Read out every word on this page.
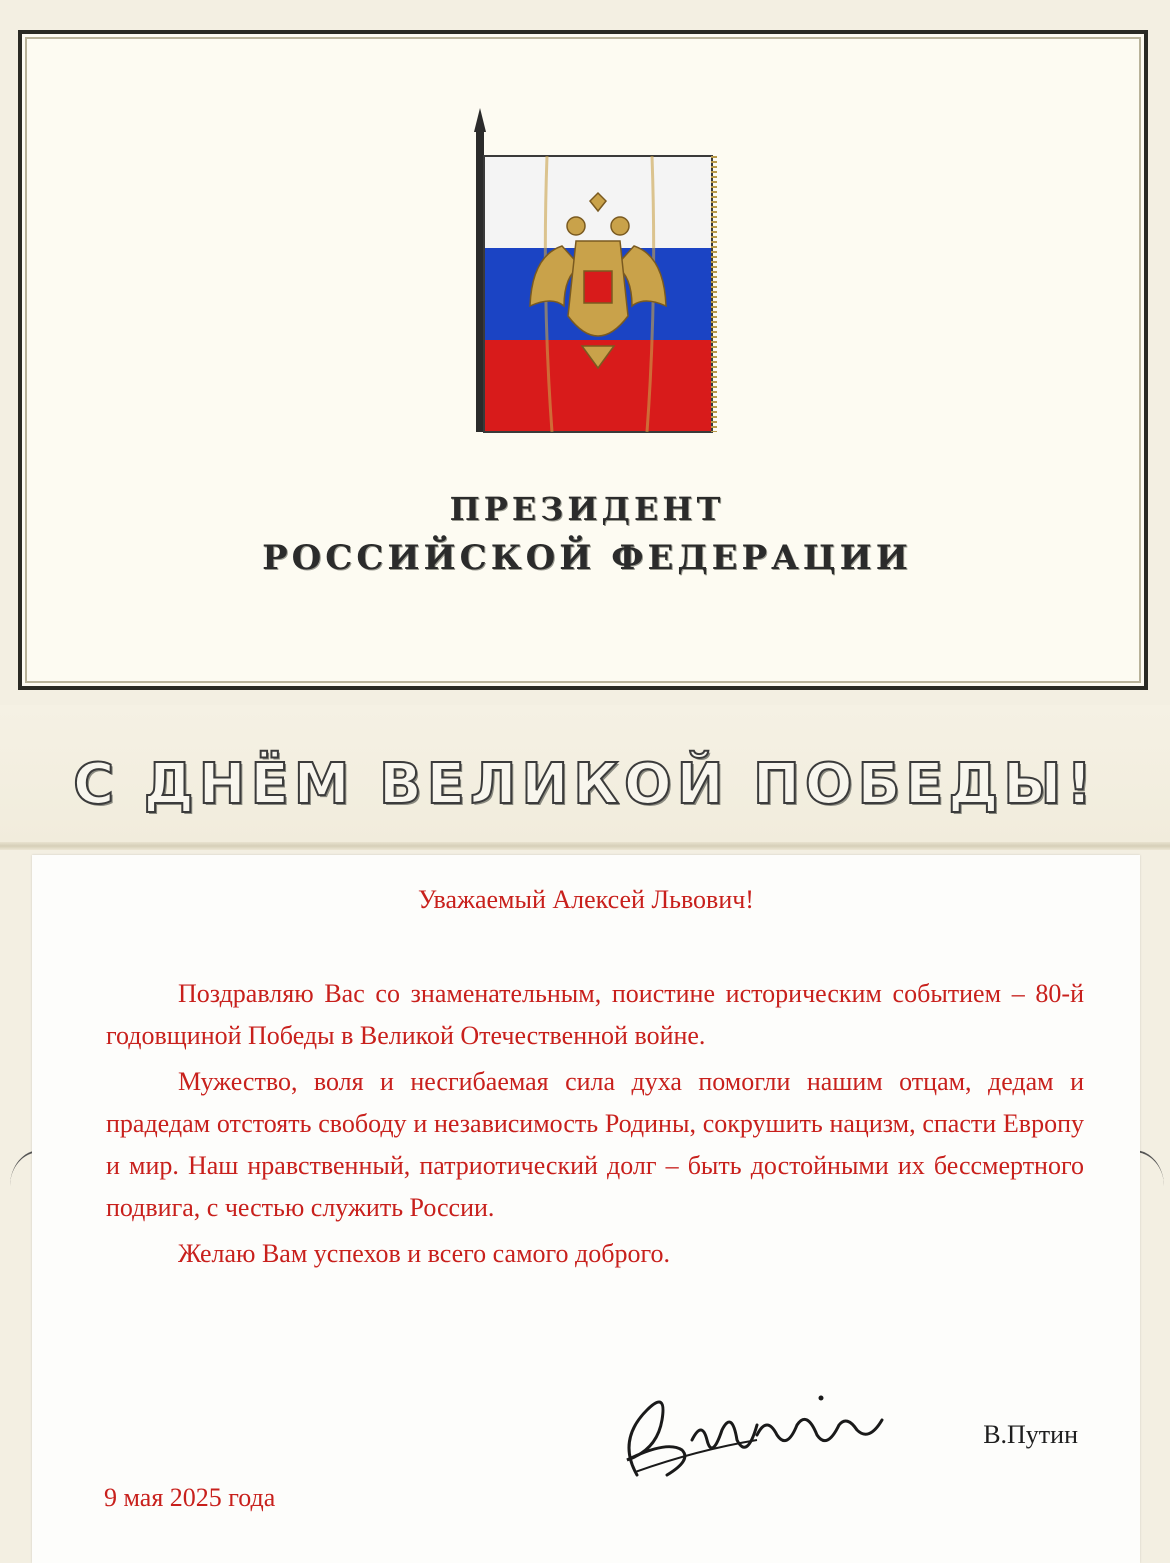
ПРЕЗИДЕНТ
РОССИЙСКОЙ ФЕДЕРАЦИИ
С ДНЁМ ВЕЛИКОЙ ПОБЕДЫ!
Уважаемый Алексей Львович!

Поздравляю Вас со знаменательным, поистине историческим событием – 80-й годовщиной Победы в Великой Отечественной войне.

Мужество, воля и несгибаемая сила духа помогли нашим отцам, дедам и прадедам отстоять свободу и независимость Родины, сокрушить нацизм, спасти Европу и мир. Наш нравственный, патриотический долг – быть достойными их бессмертного подвига, с честью служить России.

Желаю Вам успехов и всего самого доброго.

В.Путин
9 мая 2025 года
